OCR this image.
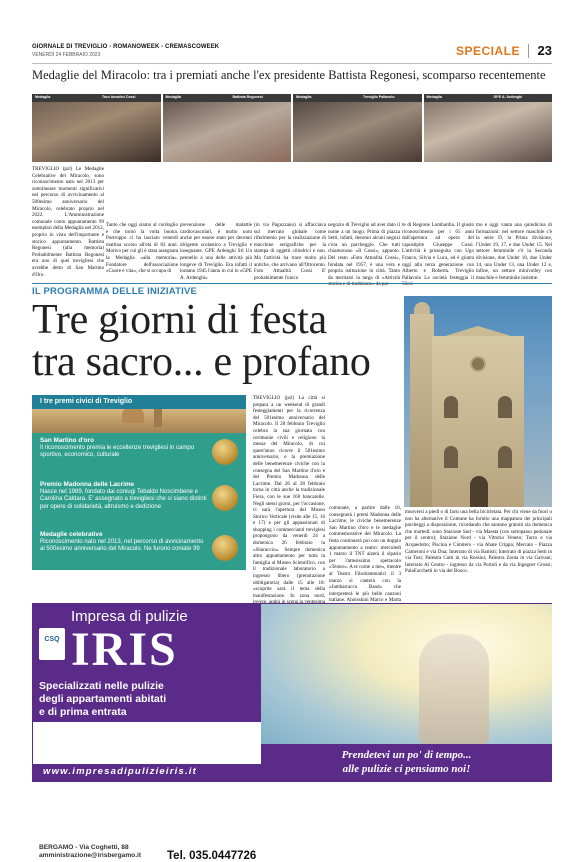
GIORNALE DI TREVIGLIO - ROMANOWEEK - CREMASCOWEEK
VENERDÌ 24 FEBBRAIO 2023	SPECIALE 23
Medaglie del Miracolo: tra i premiati anche l'ex presidente Battista Regonesi, scomparso recentemente
Medaglia	Toro Amadini Cossi	Medaglia	Battista Regonesi	Medaglia	Treviglio Pallavolo	Medaglia	GPE A. Ardenghi
TREVIGLIO (pzl) Le Medaglie Celebrative del Miracolo, sono riconoscimento nato nel 2013 per sottolineare momenti significativi nel percorso di avvicinamento al 500esimo anniversario del Miracolo, celebrato proprio nel 2022. L'Amministrazione comunale conto appuntamento 99 esemplari della Medaglia nel 2012, proprio in vista dell'importante e storico appuntamento. Battista Regonesi (alla memoria) Probabilmente Battista Regonesi era uno di quei trevigliesi che avrebbe detto di San Martino d'Oro.
Tanto che oggi siamo al cordoglio e che tornò la volta buona. Purtroppo ci ha lasciato venerdì mattina scorso all'età di 83 anni. Motivo per cui gli è stata assegnata la Medaglia «alla memoria». Fondatore dell'associazione «Cuore e vita», che si occupa di
prevenzione delle malattie cardiovascolari, è molto noto anche per essere stato per decenni dirigente scolastico a Treviglio e insegnante. GPE Ardenghi Srl Un pennello a una delle attività più longeve di Treviglio. Era infatti il lontano 1945 l'anno in cui lo «GPE A. Ardenghi»
(in via Paguzzano) si affacciava sul mercato globale come riferimento per la realizzazione di macchine serigrafiche per la stampa di oggetti cilindrici e non. Ma l'attività ha trace molto più antiche, che arrivano all'Ottocento. Foto Attualità Cossi E' probabilmente l'unico
negozio di Treviglio ad aver dato il nome a un luogo. Prima di piazza Setti, infatti, decenni alcuni negozi c'era un parcheggio. Che tutti chiamavano «Il Cossi», appunto. Del resto «Foto Attualità Cossi», fondata nel 1957, è una vera e propria istituzione in città. Tanto da meritarsi la targa di «Attività storica e di tradizione» da par-
te di Regione Lombardia. Il giusto riconoscimento per i 65 anni dall'apertura ad opera del capostipite Giuseppe Cossi. L'attività è proseguita con Ugo Franco, Silvia e Luca, ed è giunta oggi alla terza generazione con Alberto e Roberta. Treviglio Pallavolo La società festeggia il 50esi-
mo e oggi vanta una quindicina di formazioni: nel settore maschile c'è la serie D, la Prima divisione, l'Under 19, 17, e due Under 15. Nel settore femminile c'è la Seconda divisione, due Under 18, due Under 14, una Under 13, una Under 12 e, infine, un settore minivolley con maschile e femminile insieme.
IL PROGRAMMA DELLE INIZIATIVE
Tre giorni di festa
tra sacro... e profano
I tre premi civici di Treviglio
San Martino d'oro
Il riconoscimento premia le eccellenze trevigliesi in campo sportivo, economico, culturale
Premio Madonna delle Lacrime
Nasce nel 1989, fondato dai coniugi Tebaldo Noscimbene e Carolina Caldara. E' assegnato a trevigliesi che si siano distinti per opere di solidarietà, altruismo e dedizione
Medaglie celebrative
Riconoscimento nato nel 2013, nel percorso di avvicinamento al 500esimo anniversario del Miracolo. Ne furono coniate 99
TREVIGLIO (pzl) La città si prepara a un weekend di grandi festeggiamenti per la ricorrenza del 501esimo anniversario del Miracolo. Il 28 febbraio Treviglio celebra la sua giornata con cerimonie civili e religiose: la messa del Miracolo, di cui quest'anno ricorre il 501esimo anniversario, e la premiazione delle benemerenze civiche con la consegna del San Martino d'oro e del Premio Madonna delle Lacrime. Dal 26 al 28 febbraio torna in città anche la tradizionale Fiera, con le sue 160 bancarelle. Negli stessi giorni, per l'occasione, ci sarà l'apertura del Museo Storico Verticale (visite alle 15, 16 e 17) e per gli appassionati di shopping i commercianti treviglesi propongono da venerdì 24 a domenica 26 febbraio la «Sbaraccio». Sempre domenica altro appuntamento per tutta la famiglia al Museo Scientifico, con il tradizionale laboratorio a ingresso libero (prenotazione obbligatoria) dalle 15 alle 18: «scoprite sarà il tema della manifestazione. In zona nord,
comunale, a partire dalle 10, consegnerà i premi Madonna delle Lacrime, le civiche benemerenze San Martino d'oro e le medaglie commemorative del Miracolo. La festa continuerà poi con un doppio appuntamento a teatro: mercoledì 1 marzo il TNT alzerà il sipario per l'attesissimo spettacolo «Testor». A te come a me», mentre al Teatro Filodrammatici il 3 marzo si canterà con la «Jambarracca Band» che interpreterà le più belle canzoni italiane. Ahoisskini Marco e Marta
muoversi a piedi o di farsi una bella bicicletata. Per chi viene da fuori o non ha alternative il Comune ha fornito una mappatura dei principali parcheggi a disposizione, ricordando che saranno gratuiti sia domenica che martedì: sono Stazione Sud - via Maestà (con sottopasso pedonale per il centro); Stazione Nord - via Vittorio Veneto; Turro e via Acquedotto; Piscina e Cimitero - via Abate Crippa; Mercato - Piazza Cameroni e via Dua; Interrato di via Battisti; Interrato di piazza Setti in via Tosi; Palestra Cutti in via Rossini; Palestra Zonta in via Galvani; Interrato Al Centro - ingresso da via Portoli e da via Ingegner Grossi; PalaFacchetti in via del Bosco.
Impresa di pulizie
CSQ IRIS
Specializzati nelle pulizie
degli appartamenti abitati
e di prima entrata
BERGAMO - Via Coghetti, 88
amministrazione@irisbergamo.it Tel. 035.0447726
www.impresadipulizieiris.it
Prendetevi un po' di tempo...
alle pulizie ci pensiamo noi!
